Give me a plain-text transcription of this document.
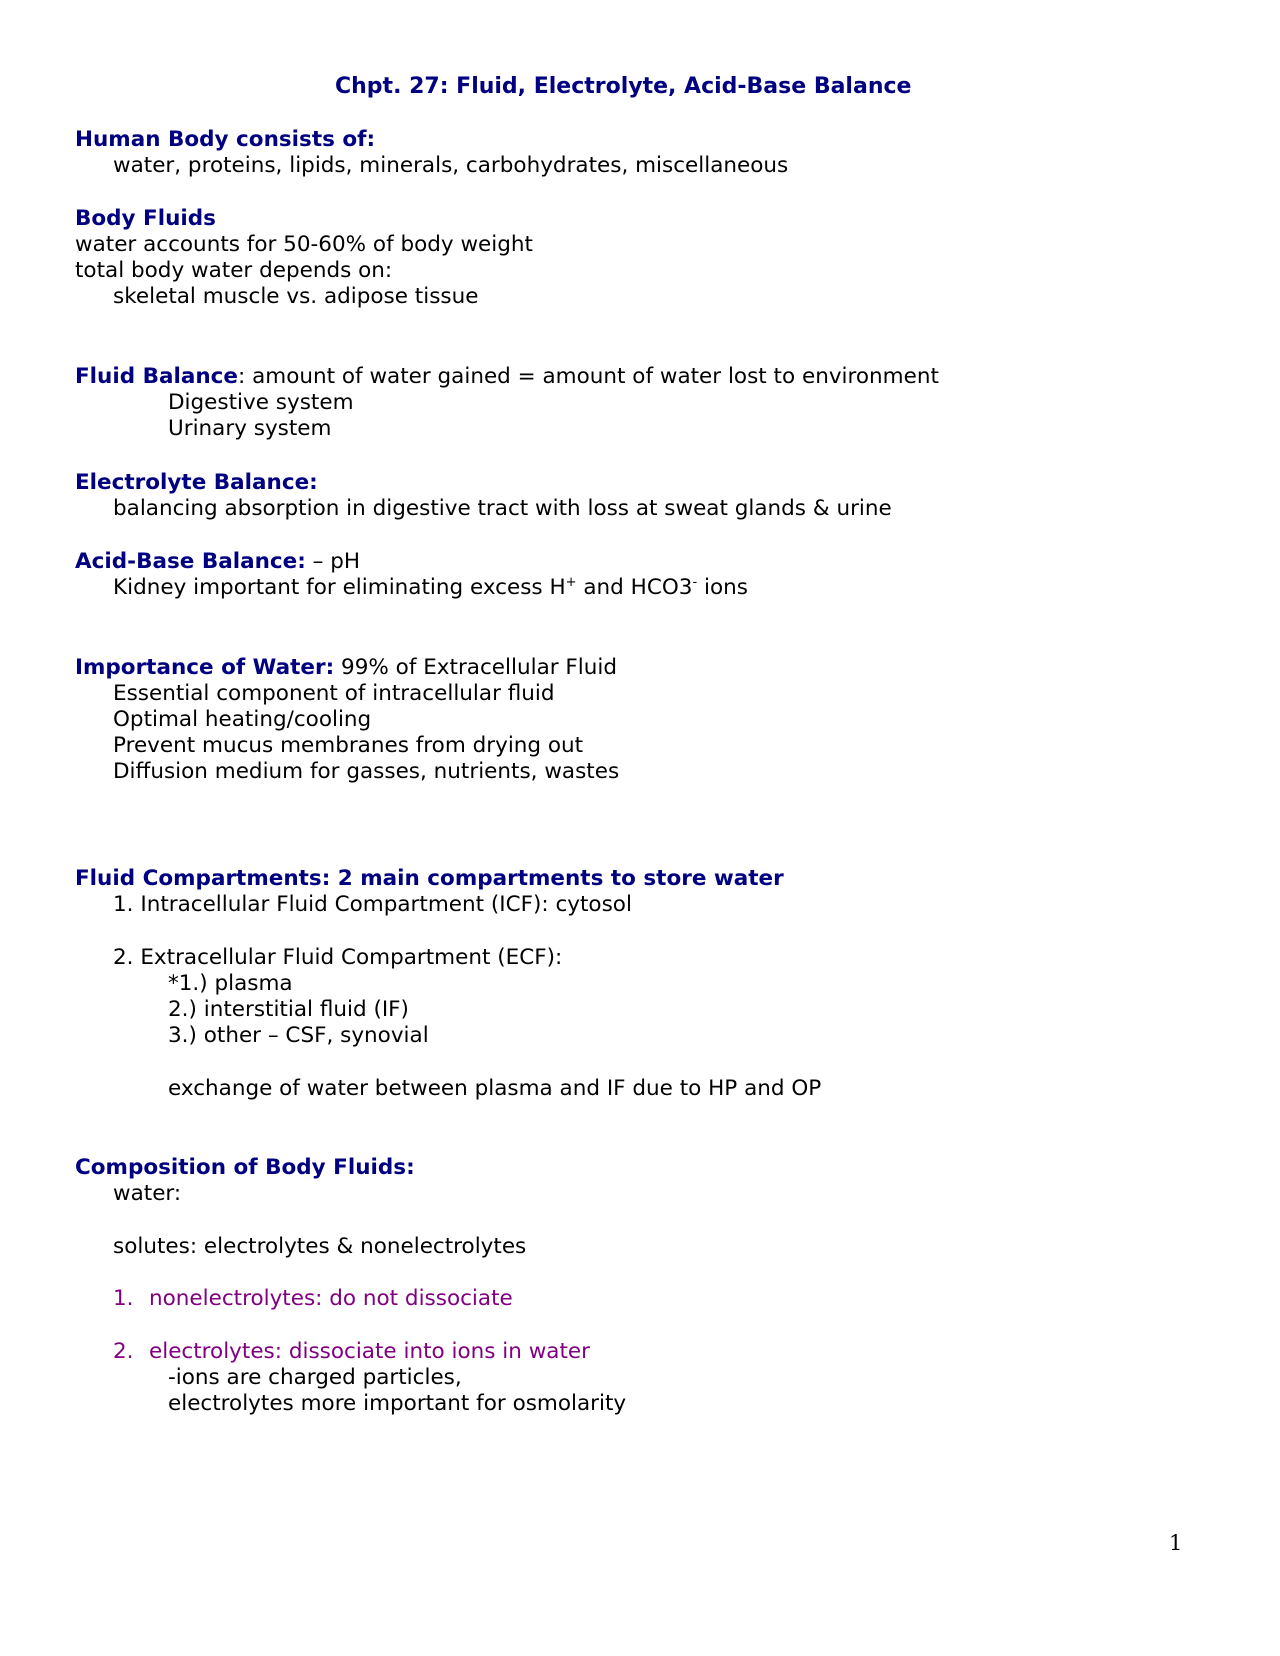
Chpt. 27: Fluid, Electrolyte, Acid-Base Balance
Human Body consists of:
water, proteins, lipids, minerals, carbohydrates, miscellaneous
Body Fluids
water accounts for 50-60% of body weight
total body water depends on:
skeletal muscle vs. adipose tissue
Fluid Balance: amount of water gained = amount of water lost to environment
Digestive system
Urinary system
Electrolyte Balance:
balancing absorption in digestive tract with loss at sweat glands & urine
Acid-Base Balance: – pH
Kidney important for eliminating excess H+ and HCO3- ions
Importance of Water: 99% of Extracellular Fluid
Essential component of intracellular fluid
Optimal heating/cooling
Prevent mucus membranes from drying out
Diffusion medium for gasses, nutrients, wastes
Fluid Compartments: 2 main compartments to store water
1. Intracellular Fluid Compartment (ICF): cytosol
2. Extracellular Fluid Compartment (ECF):
*1.) plasma
2.) interstitial fluid (IF)
3.) other – CSF, synovial
exchange of water between plasma and IF due to HP and OP
Composition of Body Fluids:
water:
solutes: electrolytes & nonelectrolytes
1. nonelectrolytes: do not dissociate
2. electrolytes: dissociate into ions in water
-ions are charged particles,
electrolytes more important for osmolarity
1
